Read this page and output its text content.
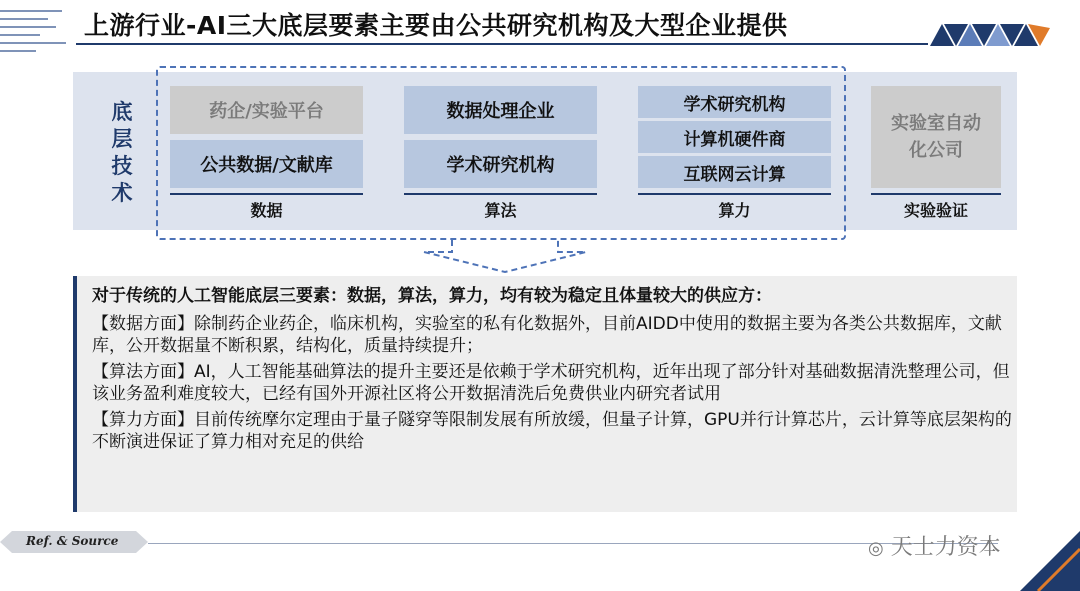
上游行业-AI三大底层要素主要由公共研究机构及大型企业提供
底层技术
药企/实验平台
公共数据/文献库
数据
数据处理企业
学术研究机构
算法
学术研究机构
计算机硬件商
互联网云计算
算力
实验室自动化公司
实验验证

对于传统的人工智能底层三要素：数据，算法，算力，均有较为稳定且体量较大的供应方：

【数据方面】除制药企业药企，临床机构，实验室的私有化数据外，目前AIDD中使用的数据主要为各类公共数据库，文献库，公开数据量不断积累，结构化，质量持续提升；

【算法方面】AI，人工智能基础算法的提升主要还是依赖于学术研究机构，近年出现了部分针对基础数据清洗整理公司，但该业务盈利难度较大，已经有国外开源社区将公开数据清洗后免费供业内研究者试用

【算力方面】目前传统摩尔定理由于量子隧穿等限制发展有所放缓，但量子计算，GPU并行计算芯片，云计算等底层架构的不断演进保证了算力相对充足的供给

Ref. & Source	◎ 天士力资本
